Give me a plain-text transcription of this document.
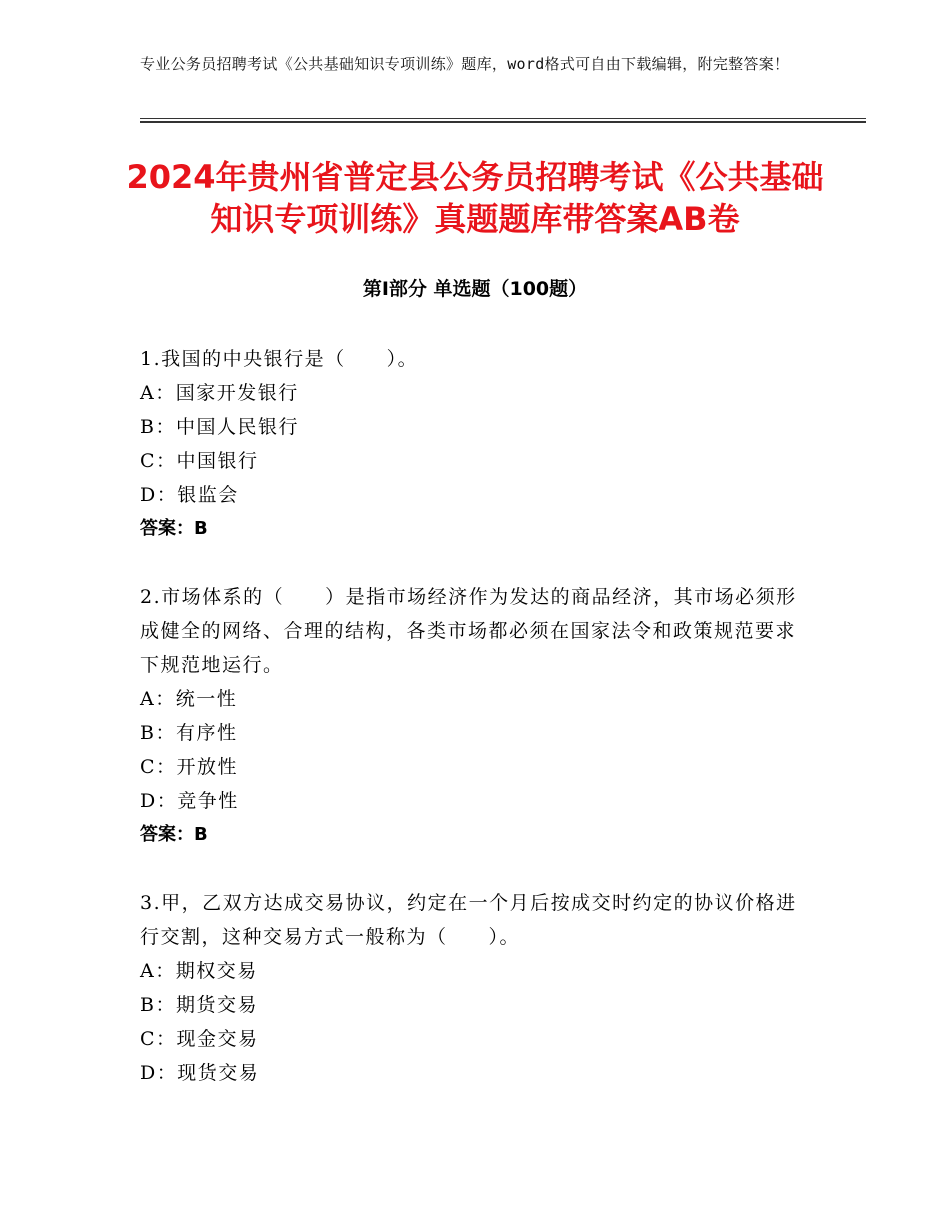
专业公务员招聘考试《公共基础知识专项训练》题库，word格式可自由下载编辑，附完整答案！
2024年贵州省普定县公务员招聘考试《公共基础知识专项训练》真题题库带答案AB卷
第Ⅰ部分 单选题（100题）

1.我国的中央银行是（　　）。

A：国家开发银行

B：中国人民银行

C：中国银行

D：银监会

答案：B

2.市场体系的（　　）是指市场经济作为发达的商品经济，其市场必须形成健全的网络、合理的结构，各类市场都必须在国家法令和政策规范要求下规范地运行。

A：统一性

B：有序性

C：开放性

D：竞争性

答案：B

3.甲，乙双方达成交易协议，约定在一个月后按成交时约定的协议价格进行交割，这种交易方式一般称为（　　）。

A：期权交易

B：期货交易

C：现金交易

D：现货交易
